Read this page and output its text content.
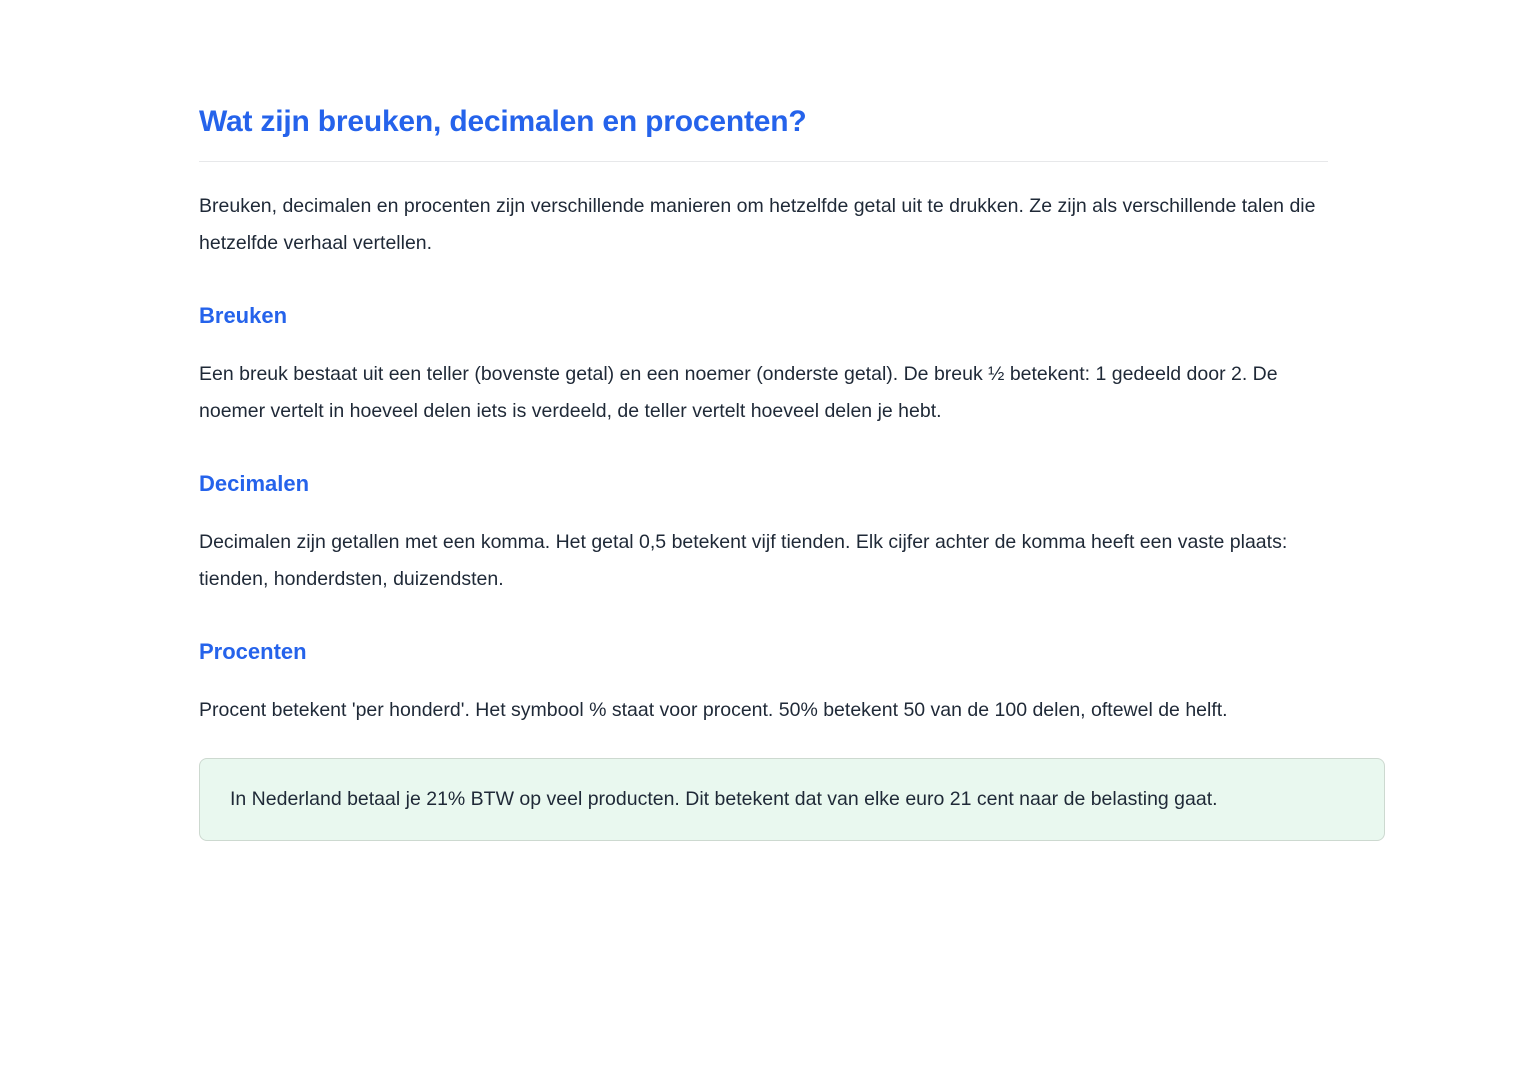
Wat zijn breuken, decimalen en procenten?

Breuken, decimalen en procenten zijn verschillende manieren om hetzelfde getal uit te drukken. Ze zijn als verschillende talen die hetzelfde verhaal vertellen.

Breuken

Een breuk bestaat uit een teller (bovenste getal) en een noemer (onderste getal). De breuk ½ betekent: 1 gedeeld door 2. De noemer vertelt in hoeveel delen iets is verdeeld, de teller vertelt hoeveel delen je hebt.

Decimalen

Decimalen zijn getallen met een komma. Het getal 0,5 betekent vijf tienden. Elk cijfer achter de komma heeft een vaste plaats: tienden, honderdsten, duizendsten.

Procenten

Procent betekent 'per honderd'. Het symbool % staat voor procent. 50% betekent 50 van de 100 delen, oftewel de helft.

In Nederland betaal je 21% BTW op veel producten. Dit betekent dat van elke euro 21 cent naar de belasting gaat.
